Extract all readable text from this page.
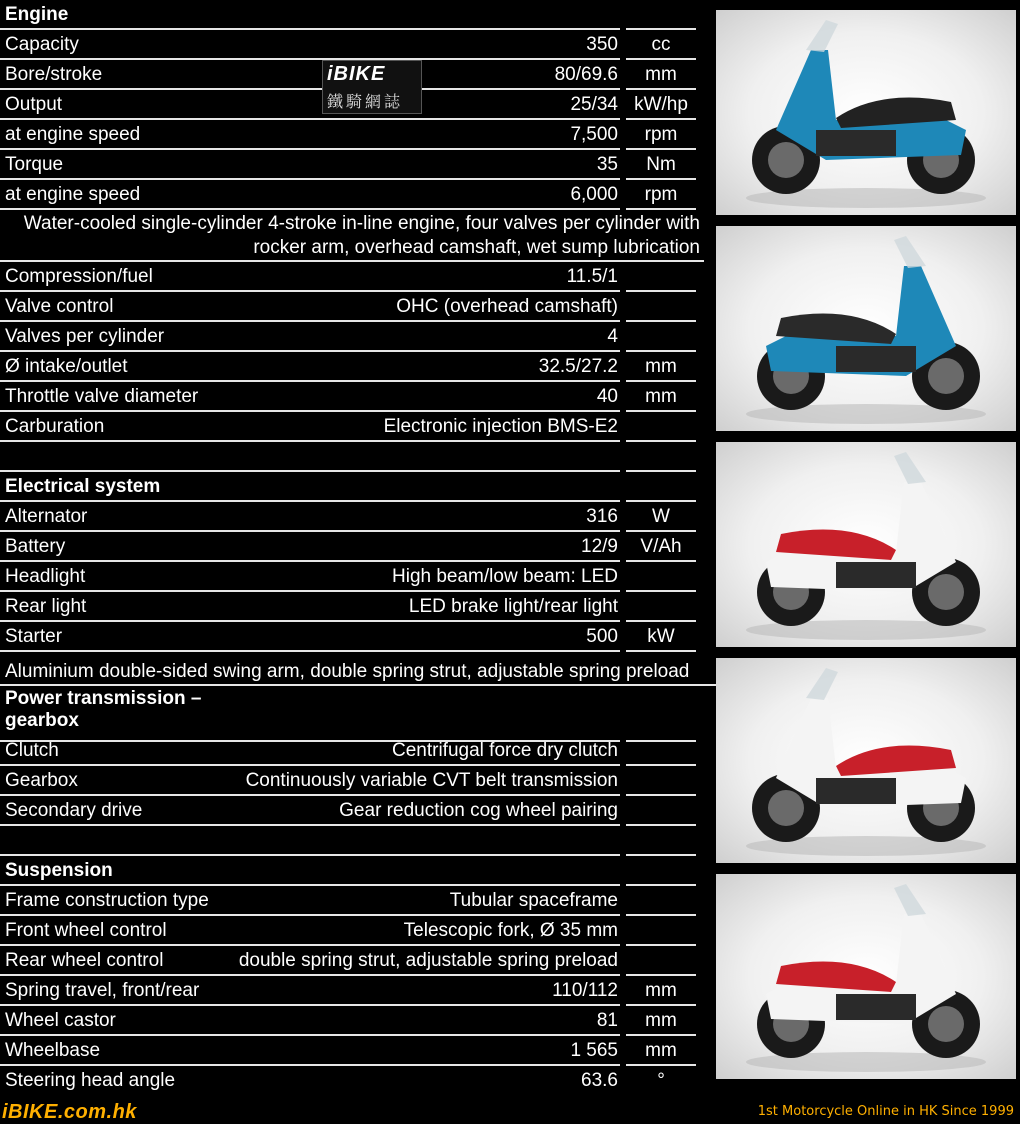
Engine
Capacity	350	cc
Bore/stroke	80/69.6	mm
Output	25/34 kW/hp
at engine speed	7,500	rpm
Torque	35	Nm
at engine speed	6,000	rpm
Water-cooled single-cylinder 4-stroke in-line engine, four valves per cylinder with
rocker arm, overhead camshaft, wet sump lubrication
Compression/fuel	11.5/1
Valve control	OHC (overhead camshaft)
Valves per cylinder	4
Ø intake/outlet	32.5/27.2	mm
Throttle valve diameter	40	mm
Carburation	Electronic injection BMS-E2
Electrical system
Alternator	316	W
Battery	12/9	V/Ah
Headlight	High beam/low beam: LED
Rear light	LED brake light/rear light
Starter	500	kW
Aluminium double-sided swing arm, double spring strut, adjustable spring preload
Power transmission – gearbox
Clutch	Centrifugal force dry clutch
Gearbox	Continuously variable CVT belt transmission
Secondary drive	Gear reduction cog wheel pairing
Suspension
Frame construction type	Tubular spaceframe
Front wheel control	Telescopic fork, Ø 35 mm
Rear wheel control	double spring strut, adjustable spring preload
Spring travel, front/rear	110/112	mm
Wheel castor	81	mm
Wheelbase	1 565	mm
Steering head angle	63.6	°
iBIKE
鐵騎網誌
iBIKE.com.hk	1st Motorcycle Online in HK Since 1999
